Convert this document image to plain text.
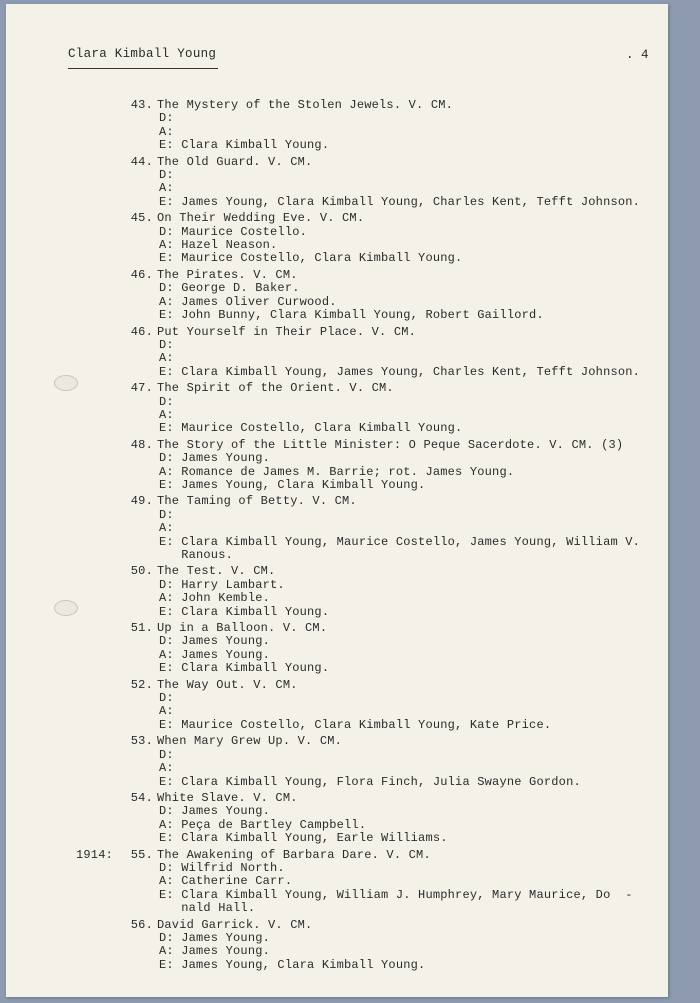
Clara Kimball Young	. 4
43. The Mystery of the Stolen Jewels. V. CM.
D:
A:
E: Clara Kimball Young.
44. The Old Guard. V. CM.
D:
A:
E: James Young, Clara Kimball Young, Charles Kent, Tefft Johnson.
45. On Their Wedding Eve. V. CM.
D: Maurice Costello.
A: Hazel Neason.
E: Maurice Costello, Clara Kimball Young.
46. The Pirates. V. CM.
D: George D. Baker.
A: James Oliver Curwood.
E: John Bunny, Clara Kimball Young, Robert Gaillord.
46. Put Yourself in Their Place. V. CM.
D:
A:
E: Clara Kimball Young, James Young, Charles Kent, Tefft Johnson.
47. The Spirit of the Orient. V. CM.
D:
A:
E: Maurice Costello, Clara Kimball Young.
48. The Story of the Little Minister: O Peque Sacerdote. V. CM. (3)
D: James Young.
A: Romance de James M. Barrie; rot. James Young.
E: James Young, Clara Kimball Young.
49. The Taming of Betty. V. CM.
D:
A:
E: Clara Kimball Young, Maurice Costello, James Young, William V.
Ranous.
50. The Test. V. CM.
D: Harry Lambart.
A: John Kemble.
E: Clara Kimball Young.
51. Up in a Balloon. V. CM.
D: James Young.
A: James Young.
E: Clara Kimball Young.
52. The Way Out. V. CM.
D:
A:
E: Maurice Costello, Clara Kimball Young, Kate Price.
53. When Mary Grew Up. V. CM.
D:
A:
E: Clara Kimball Young, Flora Finch, Julia Swayne Gordon.
54. White Slave. V. CM.
D: James Young.
A: Peça de Bartley Campbell.
E: Clara Kimball Young, Earle Williams.
1914:	55. The Awakening of Barbara Dare. V. CM.
D: Wilfrid North.
A: Catherine Carr.
E: Clara Kimball Young, William J. Humphrey, Mary Maurice, Do  -
nald Hall.
56. David Garrick. V. CM.
D: James Young.
A: James Young.
E: James Young, Clara Kimball Young.
